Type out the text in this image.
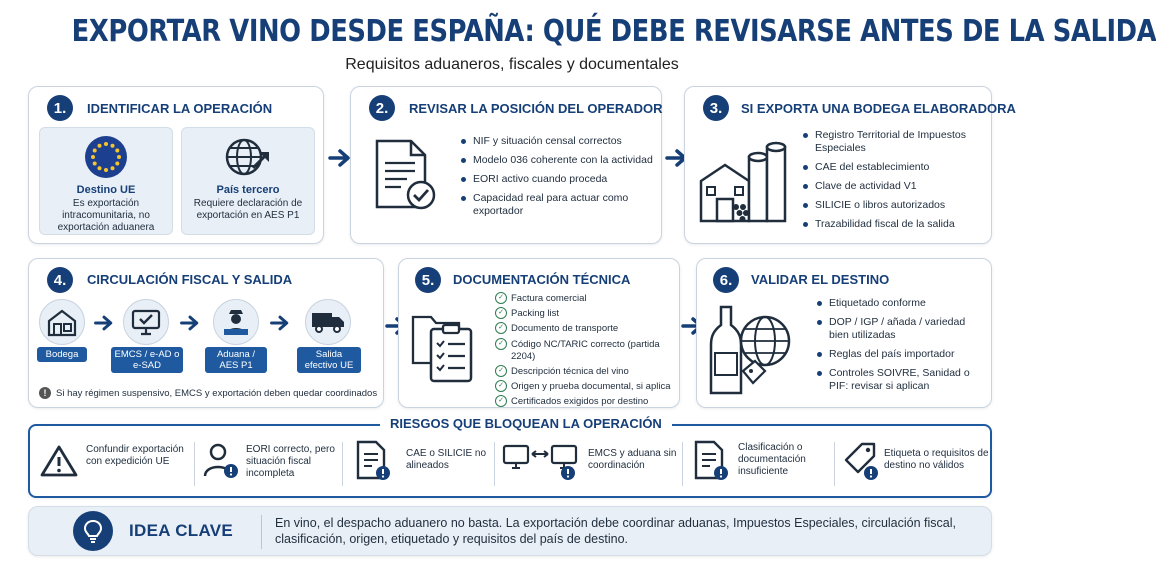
EXPORTAR VINO DESDE ESPAÑA: QUÉ DEBE REVISARSE ANTES DE LA SALIDA
Requisitos aduaneros, fiscales y documentales
1.	IDENTIFICAR LA OPERACIÓN
Destino UE
Es exportación intracomunitaria, no exportación aduanera
País tercero
Requiere declaración de exportación en AES P1
2.	REVISAR LA POSICIÓN DEL OPERADOR
NIF y situación censal correctos
Modelo 036 coherente con la actividad
EORI activo cuando proceda
Capacidad real para actuar como exportador
3.	SI EXPORTA UNA BODEGA ELABORADORA
Registro Territorial de Impuestos Especiales
CAE del establecimiento
Clave de actividad V1
SILICIE o libros autorizados
Trazabilidad fiscal de la salida
4.	CIRCULACIÓN FISCAL Y SALIDA
Bodega	EMCS / e-AD o e-SAD
Aduana / AES P1
Salida efectivo UE
!	Si hay régimen suspensivo, EMCS y exportación deben quedar coordinados
5.	DOCUMENTACIÓN TÉCNICA
✓ Factura comercial
✓ Packing list
✓ Documento de transporte
✓ Código NC/TARIC correcto (partida 2204)
✓ Descripción técnica del vino
✓ Origen y prueba documental, si aplica
✓ Certificados exigidos por destino
6.	VALIDAR EL DESTINO
Etiquetado conforme
DOP / IGP / añada / variedad bien utilizadas
Reglas del país importador
Controles SOIVRE, Sanidad o PIF: revisar si aplican
RIESGOS QUE BLOQUEAN LA OPERACIÓN
Confundir exportación con expedición UE
EORI correcto, pero situación fiscal incompleta
CAE o SILICIE no alineados
EMCS y aduana sin coordinación
Clasificación o documentación insuficiente
Etiqueta o requisitos de destino no válidos
IDEA CLAVE	En vino, el despacho aduanero no basta. La exportación debe coordinar aduanas, Impuestos Especiales, circulación fiscal, clasificación, origen, etiquetado y requisitos del país de destino.
